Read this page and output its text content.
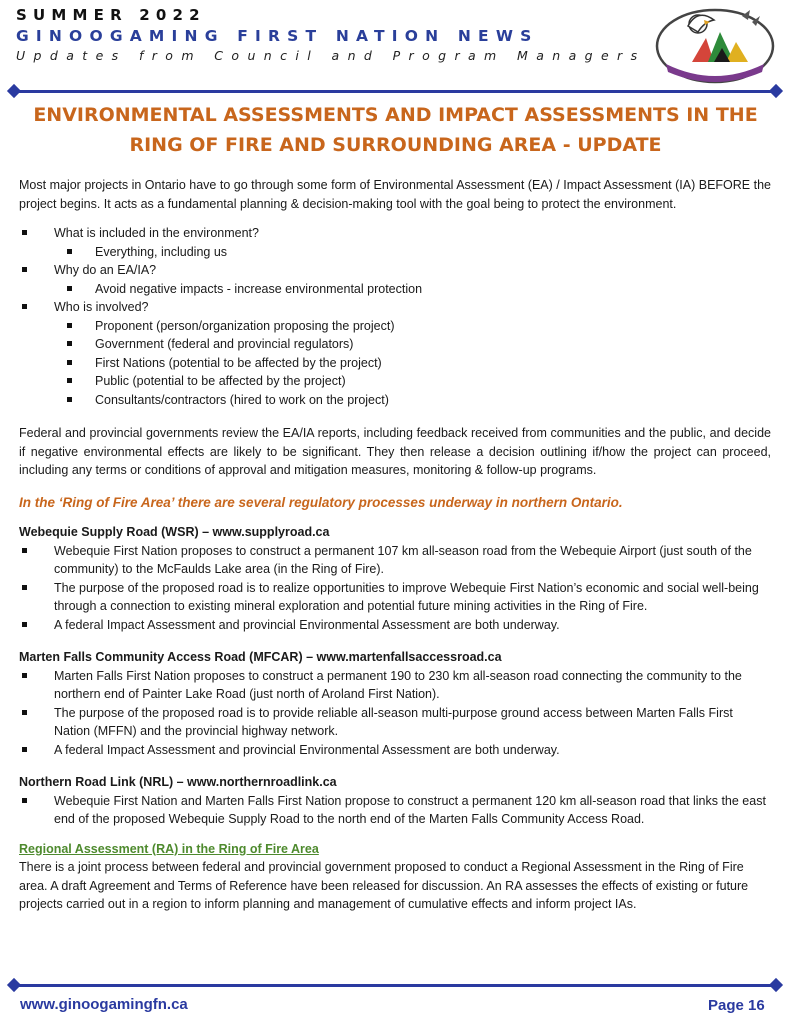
SUMMER 2022
GINOOGAMING FIRST NATION NEWS
Updates from Council and Program Managers
ENVIRONMENTAL ASSESSMENTS AND IMPACT ASSESSMENTS IN THE
RING OF FIRE AND SURROUNDING AREA - UPDATE

Most major projects in Ontario have to go through some form of Environmental Assessment (EA) / Impact Assessment (IA) BEFORE the project begins. It acts as a fundamental planning & decision-making tool with the goal being to protect the environment.

What is included in the environment?
Everything, including us
Why do an EA/IA?
Avoid negative impacts - increase environmental protection
Who is involved?
Proponent (person/organization proposing the project)
Government (federal and provincial regulators)
First Nations (potential to be affected by the project)
Public (potential to be affected by the project)
Consultants/contractors (hired to work on the project)

Federal and provincial governments review the EA/IA reports, including feedback received from communities and the public, and decide if negative environmental effects are likely to be significant. They then release a decision outlining if/how the project can proceed, including any terms or conditions of approval and mitigation measures, monitoring & follow-up programs.

In the ‘Ring of Fire Area’ there are several regulatory processes underway in northern Ontario.

Webequie Supply Road (WSR) – www.supplyroad.ca

Webequie First Nation proposes to construct a permanent 107 km all-season road from the Webequie Airport (just south of the community) to the McFaulds Lake area (in the Ring of Fire).
The purpose of the proposed road is to realize opportunities to improve Webequie First Nation’s economic and social well-being through a connection to existing mineral exploration and potential future mining activities in the Ring of Fire.
A federal Impact Assessment and provincial Environmental Assessment are both underway.

Marten Falls Community Access Road (MFCAR) – www.martenfallsaccessroad.ca

Marten Falls First Nation proposes to construct a permanent 190 to 230 km all-season road connecting the community to the northern end of Painter Lake Road (just north of Aroland First Nation).
The purpose of the proposed road is to provide reliable all-season multi-purpose ground access between Marten Falls First Nation (MFFN) and the provincial highway network.
A federal Impact Assessment and provincial Environmental Assessment are both underway.

Northern Road Link (NRL) – www.northernroadlink.ca

Webequie First Nation and Marten Falls First Nation propose to construct a permanent 120 km all-season road that links the east end of the proposed Webequie Supply Road to the north end of the Marten Falls Community Access Road.

Regional Assessment (RA) in the Ring of Fire Area

There is a joint process between federal and provincial government proposed to conduct a Regional Assessment in the Ring of Fire area. A draft Agreement and Terms of Reference have been released for discussion. An RA assesses the effects of existing or future projects carried out in a region to inform planning and management of cumulative effects and inform project IAs.

www.ginoogamingfn.ca	Page 16
